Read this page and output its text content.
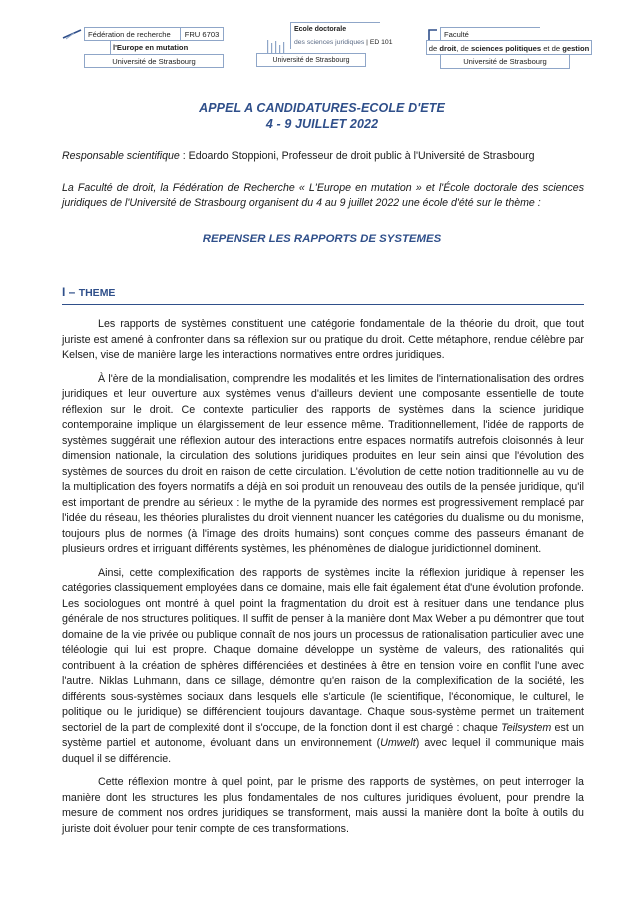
Fédération de recherche	FRU 6703
l'Europe en mutation
Université de Strasbourg
Ecole doctorale
des sciences juridiques | ED 101
Université de Strasbourg
Faculté
de droit, de sciences politiques et de gestion
Université de Strasbourg
APPEL A CANDIDATURES-ECOLE D'ETE
4 - 9 JUILLET 2022
Responsable scientifique : Edoardo Stoppioni, Professeur de droit public à l'Université de Strasbourg
La Faculté de droit, la Fédération de Recherche « L'Europe en mutation » et l'École doctorale des sciences juridiques de l'Université de Strasbourg organisent du 4 au 9 juillet 2022 une école d'été sur le thème :
REPENSER LES RAPPORTS DE SYSTEMES
I – THEME

Les rapports de systèmes constituent une catégorie fondamentale de la théorie du droit, que tout juriste est amené à confronter dans sa réflexion sur ou pratique du droit. Cette métaphore, rendue célèbre par Kelsen, vise de manière large les interactions normatives entre ordres juridiques.

À l'ère de la mondialisation, comprendre les modalités et les limites de l'internationalisation des ordres juridiques et leur ouverture aux systèmes venus d'ailleurs devient une composante essentielle de toute réflexion sur le droit. Ce contexte particulier des rapports de systèmes dans la science juridique contemporaine implique un élargissement de leur essence même. Traditionnellement, l'idée de rapports de systèmes suggérait une réflexion autour des interactions entre espaces normatifs autrefois cloisonnés à leur dimension nationale, la circulation des solutions juridiques produites en leur sein ainsi que l'évolution des systèmes de sources du droit en raison de cette circulation. L'évolution de cette notion traditionnelle au vu de la multiplication des foyers normatifs a déjà en soi produit un renouveau des outils de la pensée juridique, qu'il est important de prendre au sérieux : le mythe de la pyramide des normes est progressivement remplacé par l'idée du réseau, les théories pluralistes du droit viennent nuancer les catégories du dualisme ou du monisme, toujours plus de normes (à l'image des droits humains) sont conçues comme des passeurs émanant de plusieurs ordres et irriguant différents systèmes, les phénomènes de dialogue juridictionnel dominent.

Ainsi, cette complexification des rapports de systèmes incite la réflexion juridique à repenser les catégories classiquement employées dans ce domaine, mais elle fait également état d'une évolution profonde. Les sociologues ont montré à quel point la fragmentation du droit est à resituer dans une tendance plus générale de nos structures politiques. Il suffit de penser à la manière dont Max Weber a pu démontrer que tout domaine de la vie privée ou publique connaît de nos jours un processus de rationalisation particulier avec une téléologie qui lui est propre. Chaque domaine développe un système de valeurs, des rationalités qui contribuent à la création de sphères différenciées et destinées à être en tension voire en conflit l'une avec l'autre. Niklas Luhmann, dans ce sillage, démontre qu'en raison de la complexification de la société, les différents sous-systèmes sociaux dans lesquels elle s'articule (le scientifique, l'économique, le culturel, le politique ou le juridique) se différencient toujours davantage. Chaque sous-système permet un traitement sectoriel de la part de complexité dont il s'occupe, de la fonction dont il est chargé : chaque Teilsystem est un système partiel et autonome, évoluant dans un environnement (Umwelt) avec lequel il communique mais duquel il se différencie.

Cette réflexion montre à quel point, par le prisme des rapports de systèmes, on peut interroger la manière dont les structures les plus fondamentales de nos cultures juridiques évoluent, pour prendre la mesure de comment nos ordres juridiques se transforment, mais aussi la manière dont la boîte à outils du juriste doit évoluer pour tenir compte de ces transformations.
